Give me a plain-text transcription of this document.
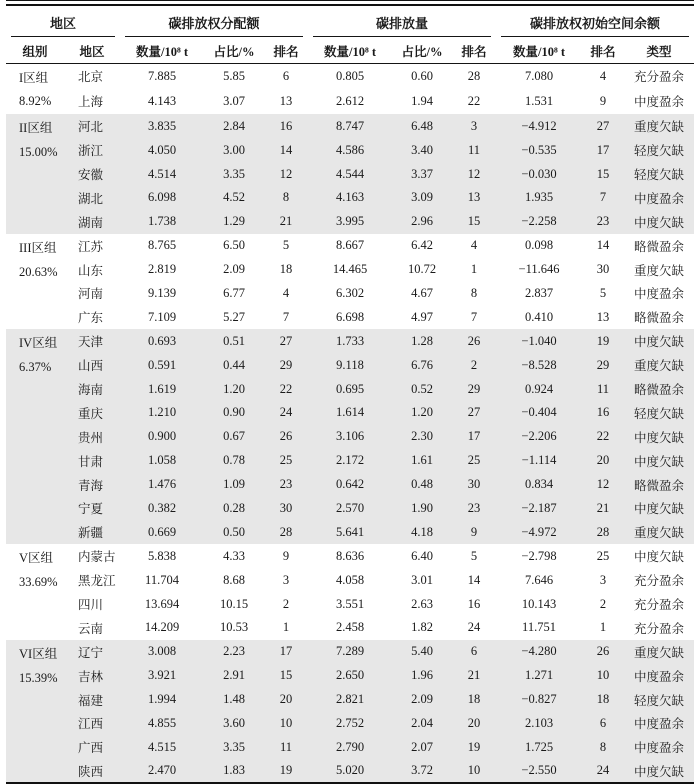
地区		碳排放权分配额			碳排放量			碳排放权初始空间余额		

组别	地区	数量/10⁸ t	占比/%	排名	数量/10⁸ t	占比/%	排名	数量/10⁸ t	排名	类型

I区组
8.92%	北京	7.885	5.85	6	0.805	0.60	28	7.080	4	充分盈余
	上海	4.143	3.07	13	2.612	1.94	22	1.531	9	中度盈余

II区组
15.00%	河北	3.835	2.84	16	8.747	6.48	3	−4.912	27	重度欠缺
	浙江	4.050	3.00	14	4.586	3.40	11	−0.535	17	轻度欠缺
	安徽	4.514	3.35	12	4.544	3.37	12	−0.030	15	轻度欠缺
	湖北	6.098	4.52	8	4.163	3.09	13	1.935	7	中度盈余
	湖南	1.738	1.29	21	3.995	2.96	15	−2.258	23	中度欠缺

III区组
20.63%	江苏	8.765	6.50	5	8.667	6.42	4	0.098	14	略微盈余
	山东	2.819	2.09	18	14.465	10.72	1	−11.646	30	重度欠缺
	河南	9.139	6.77	4	6.302	4.67	8	2.837	5	中度盈余
	广东	7.109	5.27	7	6.698	4.97	7	0.410	13	略微盈余

IV区组
6.37%	天津	0.693	0.51	27	1.733	1.28	26	−1.040	19	中度欠缺
	山西	0.591	0.44	29	9.118	6.76	2	−8.528	29	重度欠缺
	海南	1.619	1.20	22	0.695	0.52	29	0.924	11	略微盈余
	重庆	1.210	0.90	24	1.614	1.20	27	−0.404	16	轻度欠缺
	贵州	0.900	0.67	26	3.106	2.30	17	−2.206	22	中度欠缺
	甘肃	1.058	0.78	25	2.172	1.61	25	−1.114	20	中度欠缺
	青海	1.476	1.09	23	0.642	0.48	30	0.834	12	略微盈余
	宁夏	0.382	0.28	30	2.570	1.90	23	−2.187	21	中度欠缺
	新疆	0.669	0.50	28	5.641	4.18	9	−4.972	28	重度欠缺

V区组
33.69%	内蒙古	5.838	4.33	9	8.636	6.40	5	−2.798	25	中度欠缺
	黑龙江	11.704	8.68	3	4.058	3.01	14	7.646	3	充分盈余
	四川	13.694	10.15	2	3.551	2.63	16	10.143	2	充分盈余
	云南	14.209	10.53	1	2.458	1.82	24	11.751	1	充分盈余

VI区组
15.39%	辽宁	3.008	2.23	17	7.289	5.40	6	−4.280	26	重度欠缺
	吉林	3.921	2.91	15	2.650	1.96	21	1.271	10	中度盈余
	福建	1.994	1.48	20	2.821	2.09	18	−0.827	18	轻度欠缺
	江西	4.855	3.60	10	2.752	2.04	20	2.103	6	中度盈余
	广西	4.515	3.35	11	2.790	2.07	19	1.725	8	中度盈余
	陕西	2.470	1.83	19	5.020	3.72	10	−2.550	24	中度欠缺
